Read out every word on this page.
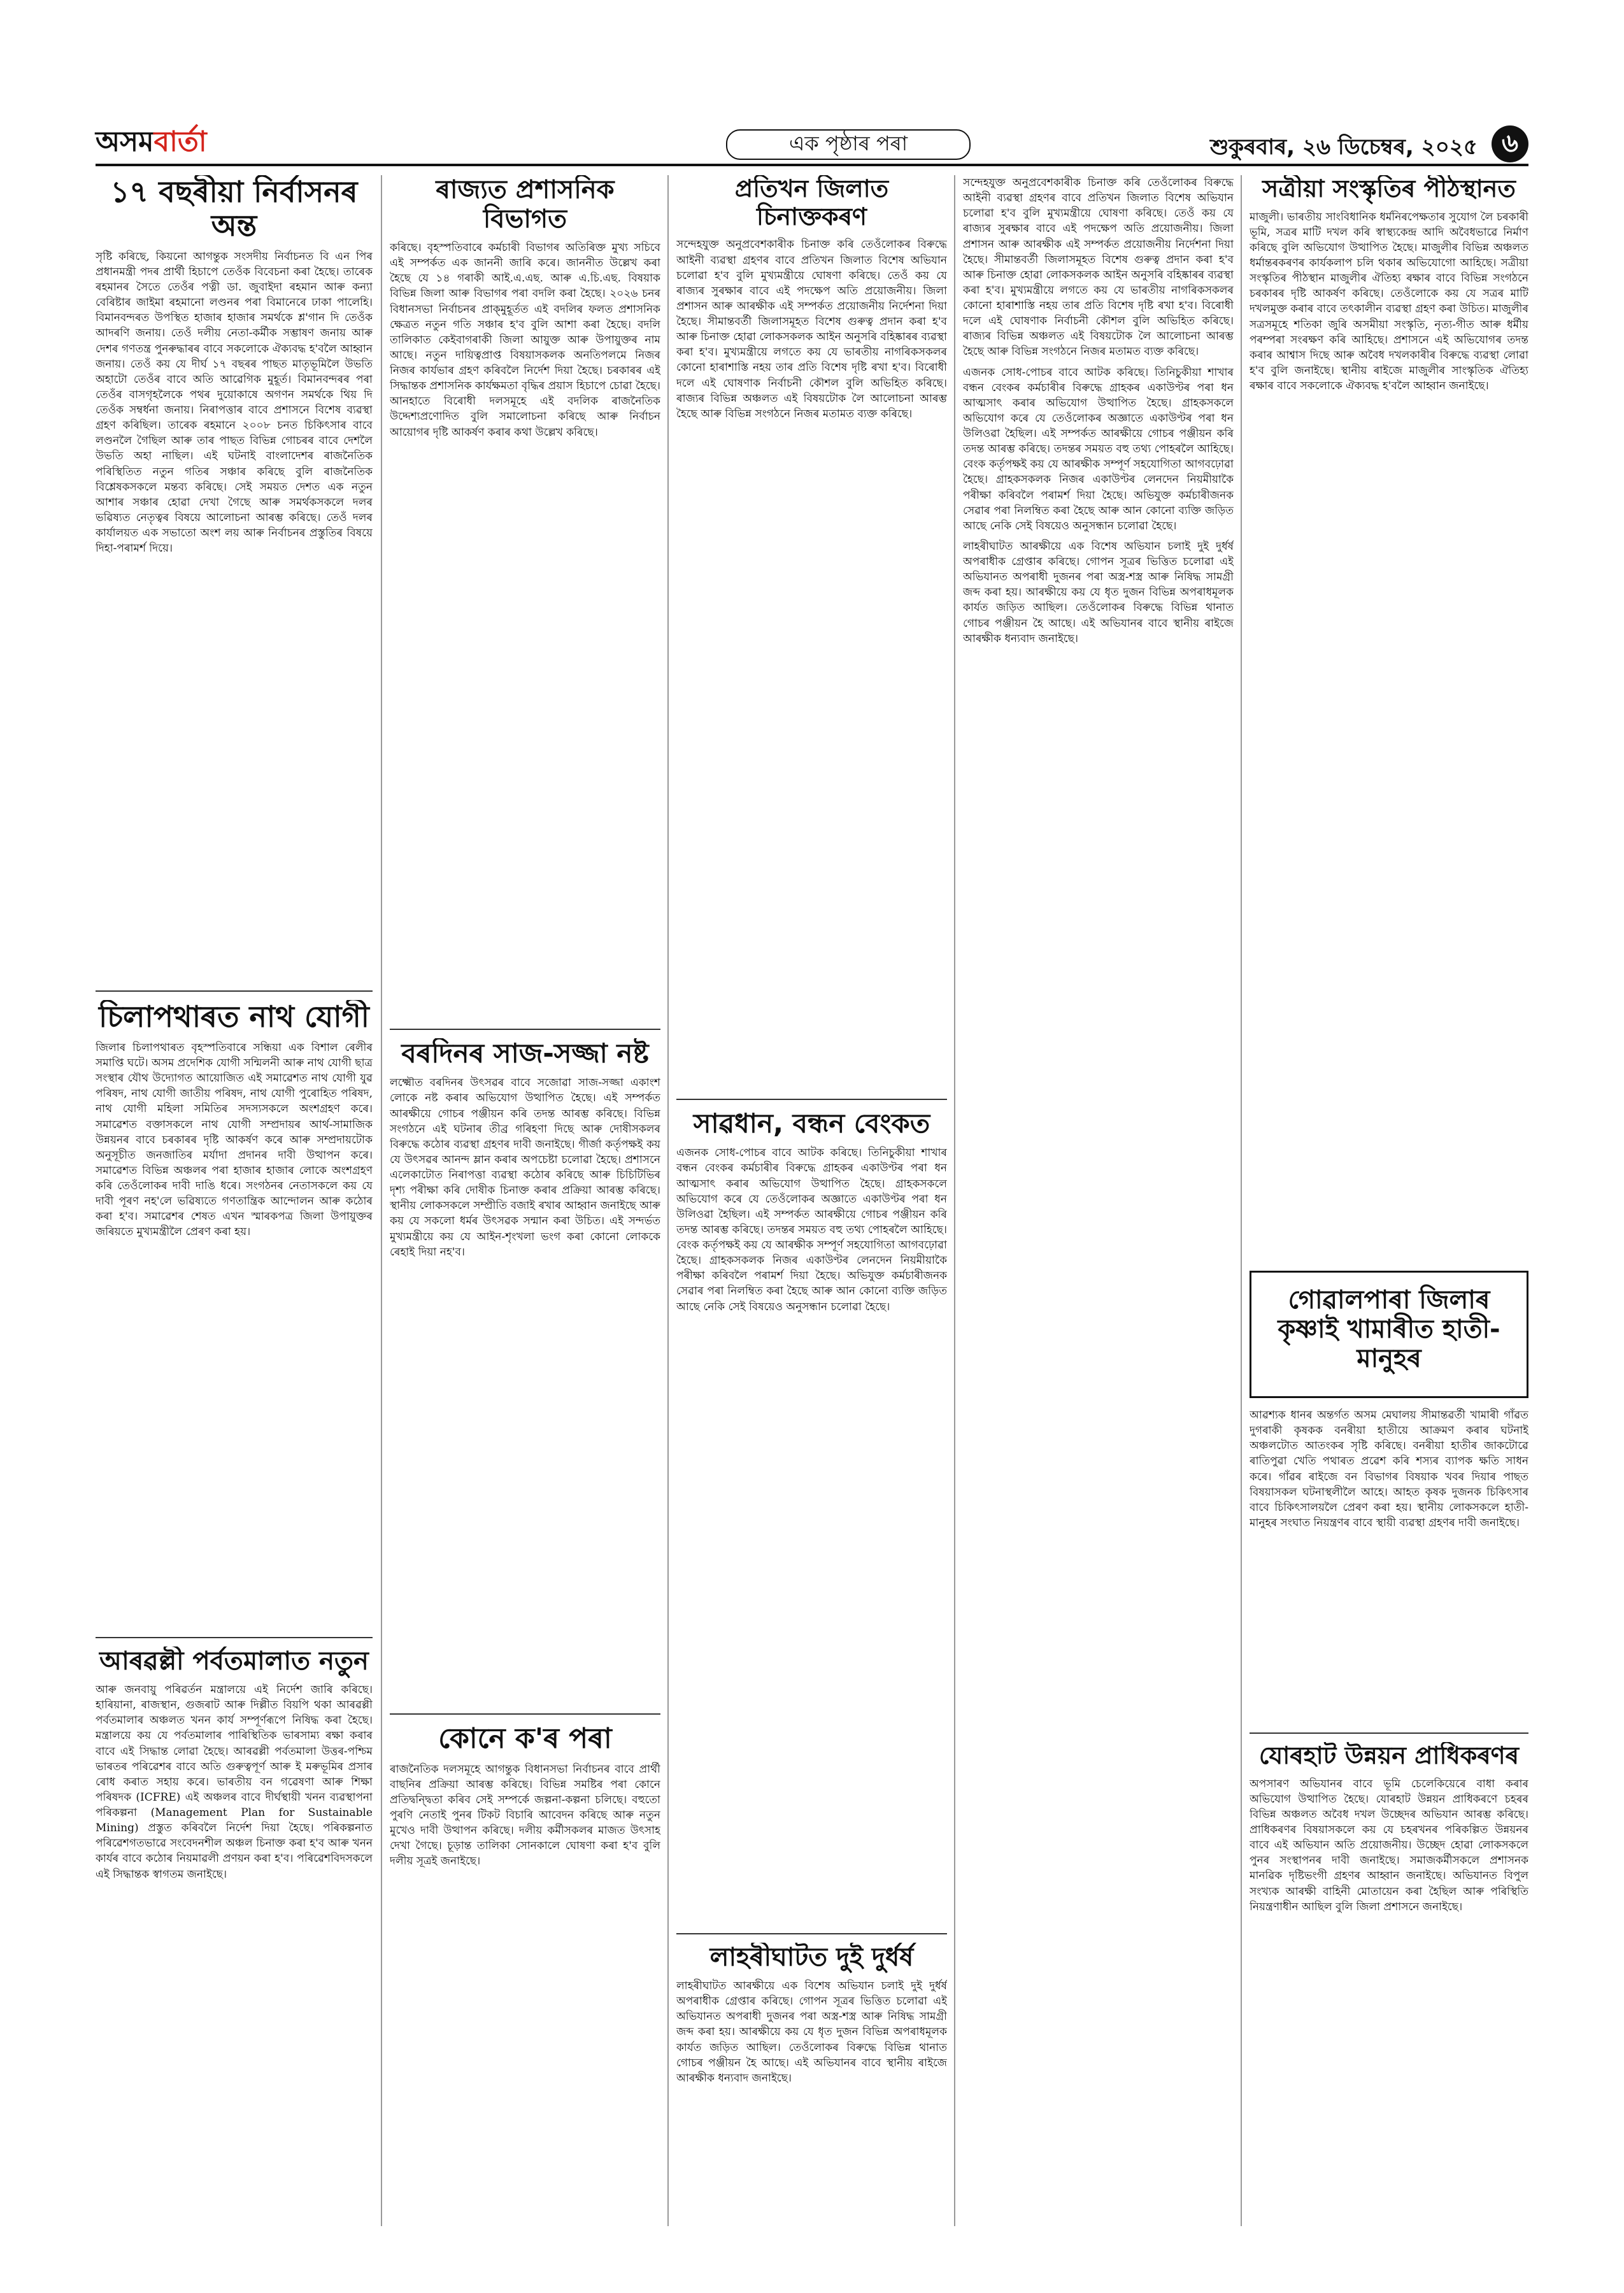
অসম বাৰ্তা	এক পৃষ্ঠাৰ পৰা	শুকুৰবাৰ, ২৬ ডিচেম্বৰ, ২০২৫ ৬
১৭ বছৰীয়া নিৰ্বাসনৰ অন্ত

সৃষ্টি কৰিছে, কিয়নো আগন্তুক সংসদীয় নিৰ্বাচনত বি এন পিৰ প্ৰধানমন্ত্ৰী পদৰ প্ৰাৰ্থী হিচাপে তেওঁক বিবেচনা কৰা হৈছে। তাৰেক ৰহমানৰ সৈতে তেওঁৰ পত্নী ডা. জুবাইদা ৰহমান আৰু কন্যা বেৰিষ্টাৰ জাইমা ৰহমানো লণ্ডনৰ পৰা বিমানেৰে ঢাকা পালেহি। বিমানবন্দৰত উপস্থিত হাজাৰ হাজাৰ সমৰ্থকে শ্ল'গান দি তেওঁক আদৰণি জনায়। তেওঁ দলীয় নেতা-কৰ্মীক সম্ভাষণ জনায় আৰু দেশৰ গণতন্ত্ৰ পুনৰুদ্ধাৰৰ বাবে সকলোকে ঐক্যবদ্ধ হ'বলৈ আহ্বান জনায়। তেওঁ কয় যে দীৰ্ঘ ১৭ বছৰৰ পাছত মাতৃভূমিলৈ উভতি অহাটো তেওঁৰ বাবে অতি আৱেগিক মুহূৰ্ত। বিমানবন্দৰৰ পৰা তেওঁৰ বাসগৃহলৈকে পথৰ দুয়োকাষে অগণন সমৰ্থকে থিয় দি তেওঁক সম্বৰ্ধনা জনায়। নিৰাপত্তাৰ বাবে প্ৰশাসনে বিশেষ ব্যৱস্থা গ্ৰহণ কৰিছিল। তাৰেক ৰহমানে ২০০৮ চনত চিকিৎসাৰ বাবে লণ্ডনলৈ গৈছিল আৰু তাৰ পাছত বিভিন্ন গোচৰৰ বাবে দেশলৈ উভতি অহা নাছিল। এই ঘটনাই বাংলাদেশৰ ৰাজনৈতিক পৰিস্থিতিত নতুন গতিৰ সঞ্চাৰ কৰিছে বুলি ৰাজনৈতিক বিশ্লেষকসকলে মন্তব্য কৰিছে। সেই সময়ত দেশত এক নতুন আশাৰ সঞ্চাৰ হোৱা দেখা গৈছে আৰু সমৰ্থকসকলে দলৰ ভৱিষ্যত নেতৃত্বৰ বিষয়ে আলোচনা আৰম্ভ কৰিছে। তেওঁ দলৰ কাৰ্যালয়ত এক সভাতো অংশ লয় আৰু নিৰ্বাচনৰ প্ৰস্তুতিৰ বিষয়ে দিহা-পৰামৰ্শ দিয়ে।

চিলাপথাৰত নাথ যোগী

জিলাৰ চিলাপথাৰত বৃহস্পতিবাৰে সন্ধিয়া এক বিশাল ৰেলীৰ সমাপ্তি ঘটে। অসম প্ৰদেশিক যোগী সন্মিলনী আৰু নাথ যোগী ছাত্ৰ সংস্থাৰ যৌথ উদ্যোগত আয়োজিত এই সমাৱেশত নাথ যোগী যুৱ পৰিষদ, নাথ যোগী জাতীয় পৰিষদ, নাথ যোগী পুৰোহিত পৰিষদ, নাথ যোগী মহিলা সমিতিৰ সদস্যসকলে অংশগ্ৰহণ কৰে। সমাৱেশত বক্তাসকলে নাথ যোগী সম্প্ৰদায়ৰ আৰ্থ-সামাজিক উন্নয়নৰ বাবে চৰকাৰৰ দৃষ্টি আকৰ্ষণ কৰে আৰু সম্প্ৰদায়টোক অনুসূচীত জনজাতিৰ মৰ্যাদা প্ৰদানৰ দাবী উত্থাপন কৰে। সমাৱেশত বিভিন্ন অঞ্চলৰ পৰা হাজাৰ হাজাৰ লোকে অংশগ্ৰহণ কৰি তেওঁলোকৰ দাবী দাঙি ধৰে। সংগঠনৰ নেতাসকলে কয় যে দাবী পূৰণ নহ'লে ভৱিষ্যতে গণতান্ত্ৰিক আন্দোলন আৰু কঠোৰ কৰা হ'ব। সমাৱেশৰ শেষত এখন স্মাৰকপত্ৰ জিলা উপায়ুক্তৰ জৰিয়তে মুখ্যমন্ত্ৰীলৈ প্ৰেৰণ কৰা হয়।

আৰৱল্লী পৰ্বতমালাত নতুন

আৰু জনবায়ু পৰিৱৰ্তন মন্ত্ৰালয়ে এই নিৰ্দেশ জাৰি কৰিছে। হাৰিয়ানা, ৰাজস্থান, গুজৰাট আৰু দিল্লীত বিয়পি থকা আৰৱল্লী পৰ্বতমালাৰ অঞ্চলত খনন কাৰ্য সম্পূৰ্ণৰূপে নিষিদ্ধ কৰা হৈছে। মন্ত্ৰালয়ে কয় যে পৰ্বতমালাৰ পাৰিস্থিতিক ভাৰসাম্য ৰক্ষা কৰাৰ বাবে এই সিদ্ধান্ত লোৱা হৈছে। আৰৱল্লী পৰ্বতমালা উত্তৰ-পশ্চিম ভাৰতৰ পৰিৱেশৰ বাবে অতি গুৰুত্বপূৰ্ণ আৰু ই মৰুভূমিৰ প্ৰসাৰ ৰোধ কৰাত সহায় কৰে। ভাৰতীয় বন গৱেষণা আৰু শিক্ষা পৰিষদক (ICFRE) এই অঞ্চলৰ বাবে দীৰ্ঘস্থায়ী খনন ব্যৱস্থাপনা পৰিকল্পনা (Management Plan for Sustainable Mining) প্ৰস্তুত কৰিবলৈ নিৰ্দেশ দিয়া হৈছে। পৰিকল্পনাত পৰিৱেশগতভাৱে সংবেদনশীল অঞ্চল চিনাক্ত কৰা হ'ব আৰু খনন কাৰ্যৰ বাবে কঠোৰ নিয়মাৱলী প্ৰণয়ন কৰা হ'ব। পৰিৱেশবিদসকলে এই সিদ্ধান্তক স্বাগতম জনাইছে।

ৰাজ্যত প্ৰশাসনিক বিভাগত

কৰিছে। বৃহস্পতিবাৰে কৰ্মচাৰী বিভাগৰ অতিৰিক্ত মুখ্য সচিবে এই সম্পৰ্কত এক জাননী জাৰি কৰে। জাননীত উল্লেখ কৰা হৈছে যে ১৪ গৰাকী আই.এ.এছ. আৰু এ.চি.এছ. বিষয়াক বিভিন্ন জিলা আৰু বিভাগৰ পৰা বদলি কৰা হৈছে। ২০২৬ চনৰ বিধানসভা নিৰ্বাচনৰ প্ৰাক্‌মুহূৰ্তত এই বদলিৰ ফলত প্ৰশাসনিক ক্ষেত্ৰত নতুন গতি সঞ্চাৰ হ'ব বুলি আশা কৰা হৈছে। বদলি তালিকাত কেইবাগৰাকী জিলা আয়ুক্ত আৰু উপায়ুক্তৰ নাম আছে। নতুন দায়িত্বপ্ৰাপ্ত বিষয়াসকলক অনতিপলমে নিজৰ নিজৰ কাৰ্যভাৰ গ্ৰহণ কৰিবলৈ নিৰ্দেশ দিয়া হৈছে। চৰকাৰৰ এই সিদ্ধান্তক প্ৰশাসনিক কাৰ্যক্ষমতা বৃদ্ধিৰ প্ৰয়াস হিচাপে চোৱা হৈছে। আনহাতে বিৰোধী দলসমূহে এই বদলিক ৰাজনৈতিক উদ্দেশ্যপ্ৰণোদিত বুলি সমালোচনা কৰিছে আৰু নিৰ্বাচন আয়োগৰ দৃষ্টি আকৰ্ষণ কৰাৰ কথা উল্লেখ কৰিছে।

বৰদিনৰ সাজ-সজ্জা নষ্ট

লক্ষ্মৌত বৰদিনৰ উৎসৱৰ বাবে সজোৱা সাজ-সজ্জা একাংশ লোকে নষ্ট কৰাৰ অভিযোগ উত্থাপিত হৈছে। এই সম্পৰ্কত আৰক্ষীয়ে গোচৰ পঞ্জীয়ন কৰি তদন্ত আৰম্ভ কৰিছে। বিভিন্ন সংগঠনে এই ঘটনাৰ তীব্ৰ গৰিহণা দিছে আৰু দোষীসকলৰ বিৰুদ্ধে কঠোৰ ব্যৱস্থা গ্ৰহণৰ দাবী জনাইছে। গীৰ্জা কৰ্তৃপক্ষই কয় যে উৎসৱৰ আনন্দ ম্লান কৰাৰ অপচেষ্টা চলোৱা হৈছে। প্ৰশাসনে এলেকাটোত নিৰাপত্তা ব্যৱস্থা কঠোৰ কৰিছে আৰু চিচিটিভিৰ দৃশ্য পৰীক্ষা কৰি দোষীক চিনাক্ত কৰাৰ প্ৰক্ৰিয়া আৰম্ভ কৰিছে। স্থানীয় লোকসকলে সম্প্ৰীতি বজাই ৰখাৰ আহ্বান জনাইছে আৰু কয় যে সকলো ধৰ্মৰ উৎসৱক সন্মান কৰা উচিত। এই সন্দৰ্ভত মুখ্যমন্ত্ৰীয়ে কয় যে আইন-শৃংখলা ভংগ কৰা কোনো লোককে ৰেহাই দিয়া নহ'ব।

কোনে ক'ৰ পৰা

ৰাজনৈতিক দলসমূহে আগন্তুক বিধানসভা নিৰ্বাচনৰ বাবে প্ৰাৰ্থী বাছনিৰ প্ৰক্ৰিয়া আৰম্ভ কৰিছে। বিভিন্ন সমষ্টিৰ পৰা কোনে প্ৰতিদ্বন্দ্বিতা কৰিব সেই সম্পৰ্কে জল্পনা-কল্পনা চলিছে। বহুতো পুৰণি নেতাই পুনৰ টিকট বিচাৰি আবেদন কৰিছে আৰু নতুন মুখেও দাবী উত্থাপন কৰিছে। দলীয় কৰ্মীসকলৰ মাজত উৎসাহ দেখা গৈছে। চূড়ান্ত তালিকা সোনকালে ঘোষণা কৰা হ'ব বুলি দলীয় সূত্ৰই জনাইছে।

প্ৰতিখন জিলাত চিনাক্তকৰণ

সন্দেহযুক্ত অনুপ্ৰবেশকাৰীক চিনাক্ত কৰি তেওঁলোকৰ বিৰুদ্ধে আইনী ব্যৱস্থা গ্ৰহণৰ বাবে প্ৰতিখন জিলাত বিশেষ অভিযান চলোৱা হ'ব বুলি মুখ্যমন্ত্ৰীয়ে ঘোষণা কৰিছে। তেওঁ কয় যে ৰাজ্যৰ সুৰক্ষাৰ বাবে এই পদক্ষেপ অতি প্ৰয়োজনীয়। জিলা প্ৰশাসন আৰু আৰক্ষীক এই সম্পৰ্কত প্ৰয়োজনীয় নিৰ্দেশনা দিয়া হৈছে। সীমান্তবৰ্তী জিলাসমূহত বিশেষ গুৰুত্ব প্ৰদান কৰা হ'ব আৰু চিনাক্ত হোৱা লোকসকলক আইন অনুসৰি বহিষ্কাৰৰ ব্যৱস্থা কৰা হ'ব। মুখ্যমন্ত্ৰীয়ে লগতে কয় যে ভাৰতীয় নাগৰিকসকলৰ কোনো হাৰাশাস্তি নহয় তাৰ প্ৰতি বিশেষ দৃষ্টি ৰখা হ'ব। বিৰোধী দলে এই ঘোষণাক নিৰ্বাচনী কৌশল বুলি অভিহিত কৰিছে। ৰাজ্যৰ বিভিন্ন অঞ্চলত এই বিষয়টোক লৈ আলোচনা আৰম্ভ হৈছে আৰু বিভিন্ন সংগঠনে নিজৰ মতামত ব্যক্ত কৰিছে।

সাৱধান, বন্ধন বেংকত

এজনক সোধ-পোচৰ বাবে আটক কৰিছে। তিনিচুকীয়া শাখাৰ বন্ধন বেংকৰ কৰ্মচাৰীৰ বিৰুদ্ধে গ্ৰাহকৰ একাউণ্টৰ পৰা ধন আত্মসাৎ কৰাৰ অভিযোগ উত্থাপিত হৈছে। গ্ৰাহকসকলে অভিযোগ কৰে যে তেওঁলোকৰ অজ্ঞাতে একাউণ্টৰ পৰা ধন উলিওৱা হৈছিল। এই সম্পৰ্কত আৰক্ষীয়ে গোচৰ পঞ্জীয়ন কৰি তদন্ত আৰম্ভ কৰিছে। তদন্তৰ সময়ত বহু তথ্য পোহৰলৈ আহিছে। বেংক কৰ্তৃপক্ষই কয় যে আৰক্ষীক সম্পূৰ্ণ সহযোগিতা আগবঢ়োৱা হৈছে। গ্ৰাহকসকলক নিজৰ একাউণ্টৰ লেনদেন নিয়মীয়াকৈ পৰীক্ষা কৰিবলৈ পৰামৰ্শ দিয়া হৈছে। অভিযুক্ত কৰ্মচাৰীজনক সেৱাৰ পৰা নিলম্বিত কৰা হৈছে আৰু আন কোনো ব্যক্তি জড়িত আছে নেকি সেই বিষয়েও অনুসন্ধান চলোৱা হৈছে।

লাহৰীঘাটত দুই দুৰ্ধৰ্ষ

লাহৰীঘাটত আৰক্ষীয়ে এক বিশেষ অভিযান চলাই দুই দুৰ্ধৰ্ষ অপৰাধীক গ্ৰেপ্তাৰ কৰিছে। গোপন সূত্ৰৰ ভিত্তিত চলোৱা এই অভিযানত অপৰাধী দুজনৰ পৰা অস্ত্ৰ-শস্ত্ৰ আৰু নিষিদ্ধ সামগ্ৰী জব্দ কৰা হয়। আৰক্ষীয়ে কয় যে ধৃত দুজন বিভিন্ন অপৰাধমূলক কাৰ্যত জড়িত আছিল। তেওঁলোকৰ বিৰুদ্ধে বিভিন্ন থানাত গোচৰ পঞ্জীয়ন হৈ আছে। এই অভিযানৰ বাবে স্থানীয় ৰাইজে আৰক্ষীক ধন্যবাদ জনাইছে।

সন্দেহযুক্ত অনুপ্ৰবেশকাৰীক চিনাক্ত কৰি তেওঁলোকৰ বিৰুদ্ধে আইনী ব্যৱস্থা গ্ৰহণৰ বাবে প্ৰতিখন জিলাত বিশেষ অভিযান চলোৱা হ'ব বুলি মুখ্যমন্ত্ৰীয়ে ঘোষণা কৰিছে। তেওঁ কয় যে ৰাজ্যৰ সুৰক্ষাৰ বাবে এই পদক্ষেপ অতি প্ৰয়োজনীয়। জিলা প্ৰশাসন আৰু আৰক্ষীক এই সম্পৰ্কত প্ৰয়োজনীয় নিৰ্দেশনা দিয়া হৈছে। সীমান্তবৰ্তী জিলাসমূহত বিশেষ গুৰুত্ব প্ৰদান কৰা হ'ব আৰু চিনাক্ত হোৱা লোকসকলক আইন অনুসৰি বহিষ্কাৰৰ ব্যৱস্থা কৰা হ'ব। মুখ্যমন্ত্ৰীয়ে লগতে কয় যে ভাৰতীয় নাগৰিকসকলৰ কোনো হাৰাশাস্তি নহয় তাৰ প্ৰতি বিশেষ দৃষ্টি ৰখা হ'ব। বিৰোধী দলে এই ঘোষণাক নিৰ্বাচনী কৌশল বুলি অভিহিত কৰিছে। ৰাজ্যৰ বিভিন্ন অঞ্চলত এই বিষয়টোক লৈ আলোচনা আৰম্ভ হৈছে আৰু বিভিন্ন সংগঠনে নিজৰ মতামত ব্যক্ত কৰিছে।

এজনক সোধ-পোচৰ বাবে আটক কৰিছে। তিনিচুকীয়া শাখাৰ বন্ধন বেংকৰ কৰ্মচাৰীৰ বিৰুদ্ধে গ্ৰাহকৰ একাউণ্টৰ পৰা ধন আত্মসাৎ কৰাৰ অভিযোগ উত্থাপিত হৈছে। গ্ৰাহকসকলে অভিযোগ কৰে যে তেওঁলোকৰ অজ্ঞাতে একাউণ্টৰ পৰা ধন উলিওৱা হৈছিল। এই সম্পৰ্কত আৰক্ষীয়ে গোচৰ পঞ্জীয়ন কৰি তদন্ত আৰম্ভ কৰিছে। তদন্তৰ সময়ত বহু তথ্য পোহৰলৈ আহিছে। বেংক কৰ্তৃপক্ষই কয় যে আৰক্ষীক সম্পূৰ্ণ সহযোগিতা আগবঢ়োৱা হৈছে। গ্ৰাহকসকলক নিজৰ একাউণ্টৰ লেনদেন নিয়মীয়াকৈ পৰীক্ষা কৰিবলৈ পৰামৰ্শ দিয়া হৈছে। অভিযুক্ত কৰ্মচাৰীজনক সেৱাৰ পৰা নিলম্বিত কৰা হৈছে আৰু আন কোনো ব্যক্তি জড়িত আছে নেকি সেই বিষয়েও অনুসন্ধান চলোৱা হৈছে।

লাহৰীঘাটত আৰক্ষীয়ে এক বিশেষ অভিযান চলাই দুই দুৰ্ধৰ্ষ অপৰাধীক গ্ৰেপ্তাৰ কৰিছে। গোপন সূত্ৰৰ ভিত্তিত চলোৱা এই অভিযানত অপৰাধী দুজনৰ পৰা অস্ত্ৰ-শস্ত্ৰ আৰু নিষিদ্ধ সামগ্ৰী জব্দ কৰা হয়। আৰক্ষীয়ে কয় যে ধৃত দুজন বিভিন্ন অপৰাধমূলক কাৰ্যত জড়িত আছিল। তেওঁলোকৰ বিৰুদ্ধে বিভিন্ন থানাত গোচৰ পঞ্জীয়ন হৈ আছে। এই অভিযানৰ বাবে স্থানীয় ৰাইজে আৰক্ষীক ধন্যবাদ জনাইছে।

সত্ৰীয়া সংস্কৃতিৰ পীঠস্থানত

মাজুলী। ভাৰতীয় সাংবিধানিক ধৰ্মনিৰপেক্ষতাৰ সুযোগ লৈ চৰকাৰী ভূমি, সত্ৰৰ মাটি দখল কৰি স্বাস্থ্যকেন্দ্ৰ আদি অবৈধভাৱে নিৰ্মাণ কৰিছে বুলি অভিযোগ উত্থাপিত হৈছে। মাজুলীৰ বিভিন্ন অঞ্চলত ধৰ্মান্তৰকৰণৰ কাৰ্যকলাপ চলি থকাৰ অভিযোগো আহিছে। সত্ৰীয়া সংস্কৃতিৰ পীঠস্থান মাজুলীৰ ঐতিহ্য ৰক্ষাৰ বাবে বিভিন্ন সংগঠনে চৰকাৰৰ দৃষ্টি আকৰ্ষণ কৰিছে। তেওঁলোকে কয় যে সত্ৰৰ মাটি দখলমুক্ত কৰাৰ বাবে তৎকালীন ব্যৱস্থা গ্ৰহণ কৰা উচিত। মাজুলীৰ সত্ৰসমূহে শতিকা জুৰি অসমীয়া সংস্কৃতি, নৃত্য-গীত আৰু ধৰ্মীয় পৰম্পৰা সংৰক্ষণ কৰি আহিছে। প্ৰশাসনে এই অভিযোগৰ তদন্ত কৰাৰ আশ্বাস দিছে আৰু অবৈধ দখলকাৰীৰ বিৰুদ্ধে ব্যৱস্থা লোৱা হ'ব বুলি জনাইছে। স্থানীয় ৰাইজে মাজুলীৰ সাংস্কৃতিক ঐতিহ্য ৰক্ষাৰ বাবে সকলোকে ঐক্যবদ্ধ হ'বলৈ আহ্বান জনাইছে।

গোৱালপাৰা জিলাৰ কৃষ্ণাই খামাৰীত হাতী-মানুহৰ

আৱশ্যক ধানৰ অন্তৰ্গত অসম মেঘালয় সীমান্তৱৰ্তী খামাৰী গাঁৱত দুগৰাকী কৃষকক বনৰীয়া হাতীয়ে আক্ৰমণ কৰাৰ ঘটনাই অঞ্চলটোত আতংকৰ সৃষ্টি কৰিছে। বনৰীয়া হাতীৰ জাকটোৱে ৰাতিপুৱা খেতি পথাৰত প্ৰৱেশ কৰি শস্যৰ ব্যাপক ক্ষতি সাধন কৰে। গাঁৱৰ ৰাইজে বন বিভাগৰ বিষয়াক খবৰ দিয়াৰ পাছত বিষয়াসকল ঘটনাস্থলীলৈ আহে। আহত কৃষক দুজনক চিকিৎসাৰ বাবে চিকিৎসালয়লৈ প্ৰেৰণ কৰা হয়। স্থানীয় লোকসকলে হাতী-মানুহৰ সংঘাত নিয়ন্ত্ৰণৰ বাবে স্থায়ী ব্যৱস্থা গ্ৰহণৰ দাবী জনাইছে।

যোৰহাট উন্নয়ন প্ৰাধিকৰণৰ

অপসাৰণ অভিযানৰ বাবে ভূমি চেলেকিয়েৰে বাধা কৰাৰ অভিযোগ উত্থাপিত হৈছে। যোৰহাট উন্নয়ন প্ৰাধিকৰণে চহৰৰ বিভিন্ন অঞ্চলত অবৈধ দখল উচ্ছেদৰ অভিযান আৰম্ভ কৰিছে। প্ৰাধিকৰণৰ বিষয়াসকলে কয় যে চহৰখনৰ পৰিকল্পিত উন্নয়নৰ বাবে এই অভিযান অতি প্ৰয়োজনীয়। উচ্ছেদ হোৱা লোকসকলে পুনৰ সংস্থাপনৰ দাবী জনাইছে। সমাজকৰ্মীসকলে প্ৰশাসনক মানৱিক দৃষ্টিভংগী গ্ৰহণৰ আহ্বান জনাইছে। অভিযানত বিপুল সংখ্যক আৰক্ষী বাহিনী মোতায়েন কৰা হৈছিল আৰু পৰিস্থিতি নিয়ন্ত্ৰণাধীন আছিল বুলি জিলা প্ৰশাসনে জনাইছে।
